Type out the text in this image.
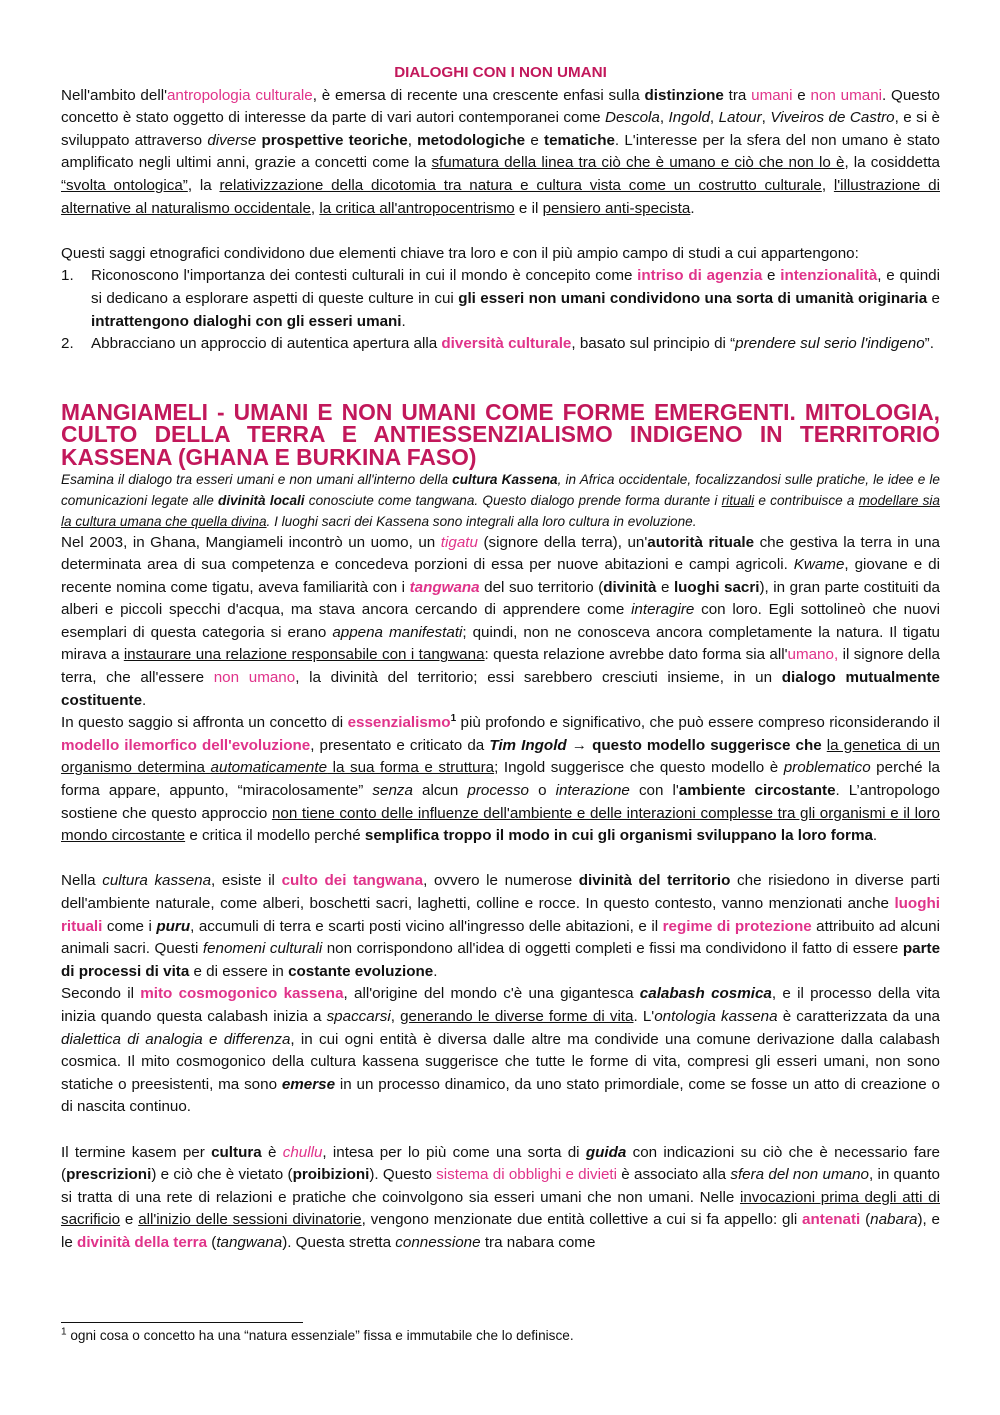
DIALOGHI CON I NON UMANI

Nell'ambito dell'antropologia culturale, è emersa di recente una crescente enfasi sulla distinzione tra umani e non umani. Questo concetto è stato oggetto di interesse da parte di vari autori contemporanei come Descola, Ingold, Latour, Viveiros de Castro, e si è sviluppato attraverso diverse prospettive teoriche, metodologiche e tematiche. L'interesse per la sfera del non umano è stato amplificato negli ultimi anni, grazie a concetti come la sfumatura della linea tra ciò che è umano e ciò che non lo è, la cosiddetta “svolta ontologica”, la relativizzazione della dicotomia tra natura e cultura vista come un costrutto culturale, l'illustrazione di alternative al naturalismo occidentale, la critica all'antropocentrismo e il pensiero anti-specista.

Questi saggi etnografici condividono due elementi chiave tra loro e con il più ampio campo di studi a cui appartengono:

1. Riconoscono l'importanza dei contesti culturali in cui il mondo è concepito come intriso di agenzia e intenzionalità, e quindi si dedicano a esplorare aspetti di queste culture in cui gli esseri non umani condividono una sorta di umanità originaria e intrattengono dialoghi con gli esseri umani.
2. Abbracciano un approccio di autentica apertura alla diversità culturale, basato sul principio di “prendere sul serio l'indigeno”.
MANGIAMELI - UMANI E NON UMANI COME FORME EMERGENTI. MITOLOGIA, CULTO DELLA TERRA E ANTIESSENZIALISMO INDIGENO IN TERRITORIO KASSENA (GHANA E BURKINA FASO)

Esamina il dialogo tra esseri umani e non umani all'interno della cultura Kassena, in Africa occidentale, focalizzandosi sulle pratiche, le idee e le comunicazioni legate alle divinità locali conosciute come tangwana. Questo dialogo prende forma durante i rituali e contribuisce a modellare sia la cultura umana che quella divina. I luoghi sacri dei Kassena sono integrali alla loro cultura in evoluzione.

Nel 2003, in Ghana, Mangiameli incontrò un uomo, un tigatu (signore della terra), un'autorità rituale che gestiva la terra in una determinata area di sua competenza e concedeva porzioni di essa per nuove abitazioni e campi agricoli. Kwame, giovane e di recente nomina come tigatu, aveva familiarità con i tangwana del suo territorio (divinità e luoghi sacri), in gran parte costituiti da alberi e piccoli specchi d'acqua, ma stava ancora cercando di apprendere come interagire con loro. Egli sottolineò che nuovi esemplari di questa categoria si erano appena manifestati; quindi, non ne conosceva ancora completamente la natura. Il tigatu mirava a instaurare una relazione responsabile con i tangwana: questa relazione avrebbe dato forma sia all'umano, il signore della terra, che all'essere non umano, la divinità del territorio; essi sarebbero cresciuti insieme, in un dialogo mutualmente costituente.

In questo saggio si affronta un concetto di essenzialismo$^1$ più profondo e significativo, che può essere compreso riconsiderando il modello ilemorfico dell'evoluzione, presentato e criticato da Tim Ingold → questo modello suggerisce che la genetica di un organismo determina automaticamente la sua forma e struttura; Ingold suggerisce che questo modello è problematico perché la forma appare, appunto, “miracolosamente” senza alcun processo o interazione con l'ambiente circostante. L’antropologo sostiene che questo approccio non tiene conto delle influenze dell'ambiente e delle interazioni complesse tra gli organismi e il loro mondo circostante e critica il modello perché semplifica troppo il modo in cui gli organismi sviluppano la loro forma.

Nella cultura kassena, esiste il culto dei tangwana, ovvero le numerose divinità del territorio che risiedono in diverse parti dell'ambiente naturale, come alberi, boschetti sacri, laghetti, colline e rocce. In questo contesto, vanno menzionati anche luoghi rituali come i puru, accumuli di terra e scarti posti vicino all'ingresso delle abitazioni, e il regime di protezione attribuito ad alcuni animali sacri. Questi fenomeni culturali non corrispondono all'idea di oggetti completi e fissi ma condividono il fatto di essere parte di processi di vita e di essere in costante evoluzione.

Secondo il mito cosmogonico kassena, all'origine del mondo c'è una gigantesca calabash cosmica, e il processo della vita inizia quando questa calabash inizia a spaccarsi, generando le diverse forme di vita. L'ontologia kassena è caratterizzata da una dialettica di analogia e differenza, in cui ogni entità è diversa dalle altre ma condivide una comune derivazione dalla calabash cosmica. Il mito cosmogonico della cultura kassena suggerisce che tutte le forme di vita, compresi gli esseri umani, non sono statiche o preesistenti, ma sono emerse in un processo dinamico, da uno stato primordiale, come se fosse un atto di creazione o di nascita continuo.

Il termine kasem per cultura è chullu, intesa per lo più come una sorta di guida con indicazioni su ciò che è necessario fare (prescrizioni) e ciò che è vietato (proibizioni). Questo sistema di obblighi e divieti è associato alla sfera del non umano, in quanto si tratta di una rete di relazioni e pratiche che coinvolgono sia esseri umani che non umani. Nelle invocazioni prima degli atti di sacrificio e all'inizio delle sessioni divinatorie, vengono menzionate due entità collettive a cui si fa appello: gli antenati (nabara), e le divinità della terra (tangwana). Questa stretta connessione tra nabara come

$^1$ ogni cosa o concetto ha una “natura essenziale” fissa e immutabile che lo definisce.
